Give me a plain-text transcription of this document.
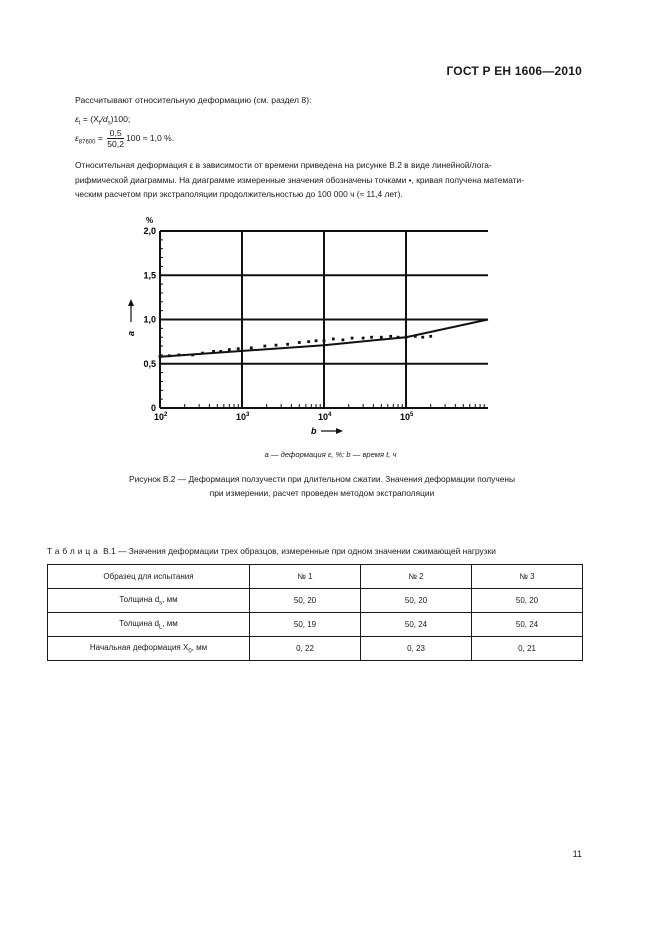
ГОСТ Р ЕН 1606—2010
Рассчитывают относительную деформацию (см. раздел 8):
$\varepsilon_t = (X_t/d_s)100$;
$\varepsilon_{87600} = \frac{0,5}{50,2} 100 \approx 1,0$ %.
Относительная деформация ε в зависимости от времени приведена на рисунке В.2 в виде линейной/лога-
рифмической диаграммы. На диаграмме измеренные значения обозначены точками •, кривая получена математи-
ческим расчетом при экстраполяции продолжительностью до 100 000 ч (≈ 11,4 лет).
0
0,5
1,0
1,5
2,0
%
$10^2$	$10^3$	$10^4$	$10^5$
a
b
a — деформация ε, %; b — время t, ч
Рисунок В.2 — Деформация ползучести при длительном сжатии. Значения деформации получены
при измерении, расчет проведен методом экстраполяции
Таблица В.1 — Значения деформации трех образцов, измеренные при одном значении сжимающей нагрузки
Образец для испытания	№ 1	№ 2	№ 3
Толщина $d_s$, мм	50, 20	50, 20	50, 20
Толщина $d_L$, мм	50, 19	50, 24	50, 24
Начальная деформация $X_0$, мм	0, 22	0, 23	0, 21
11
